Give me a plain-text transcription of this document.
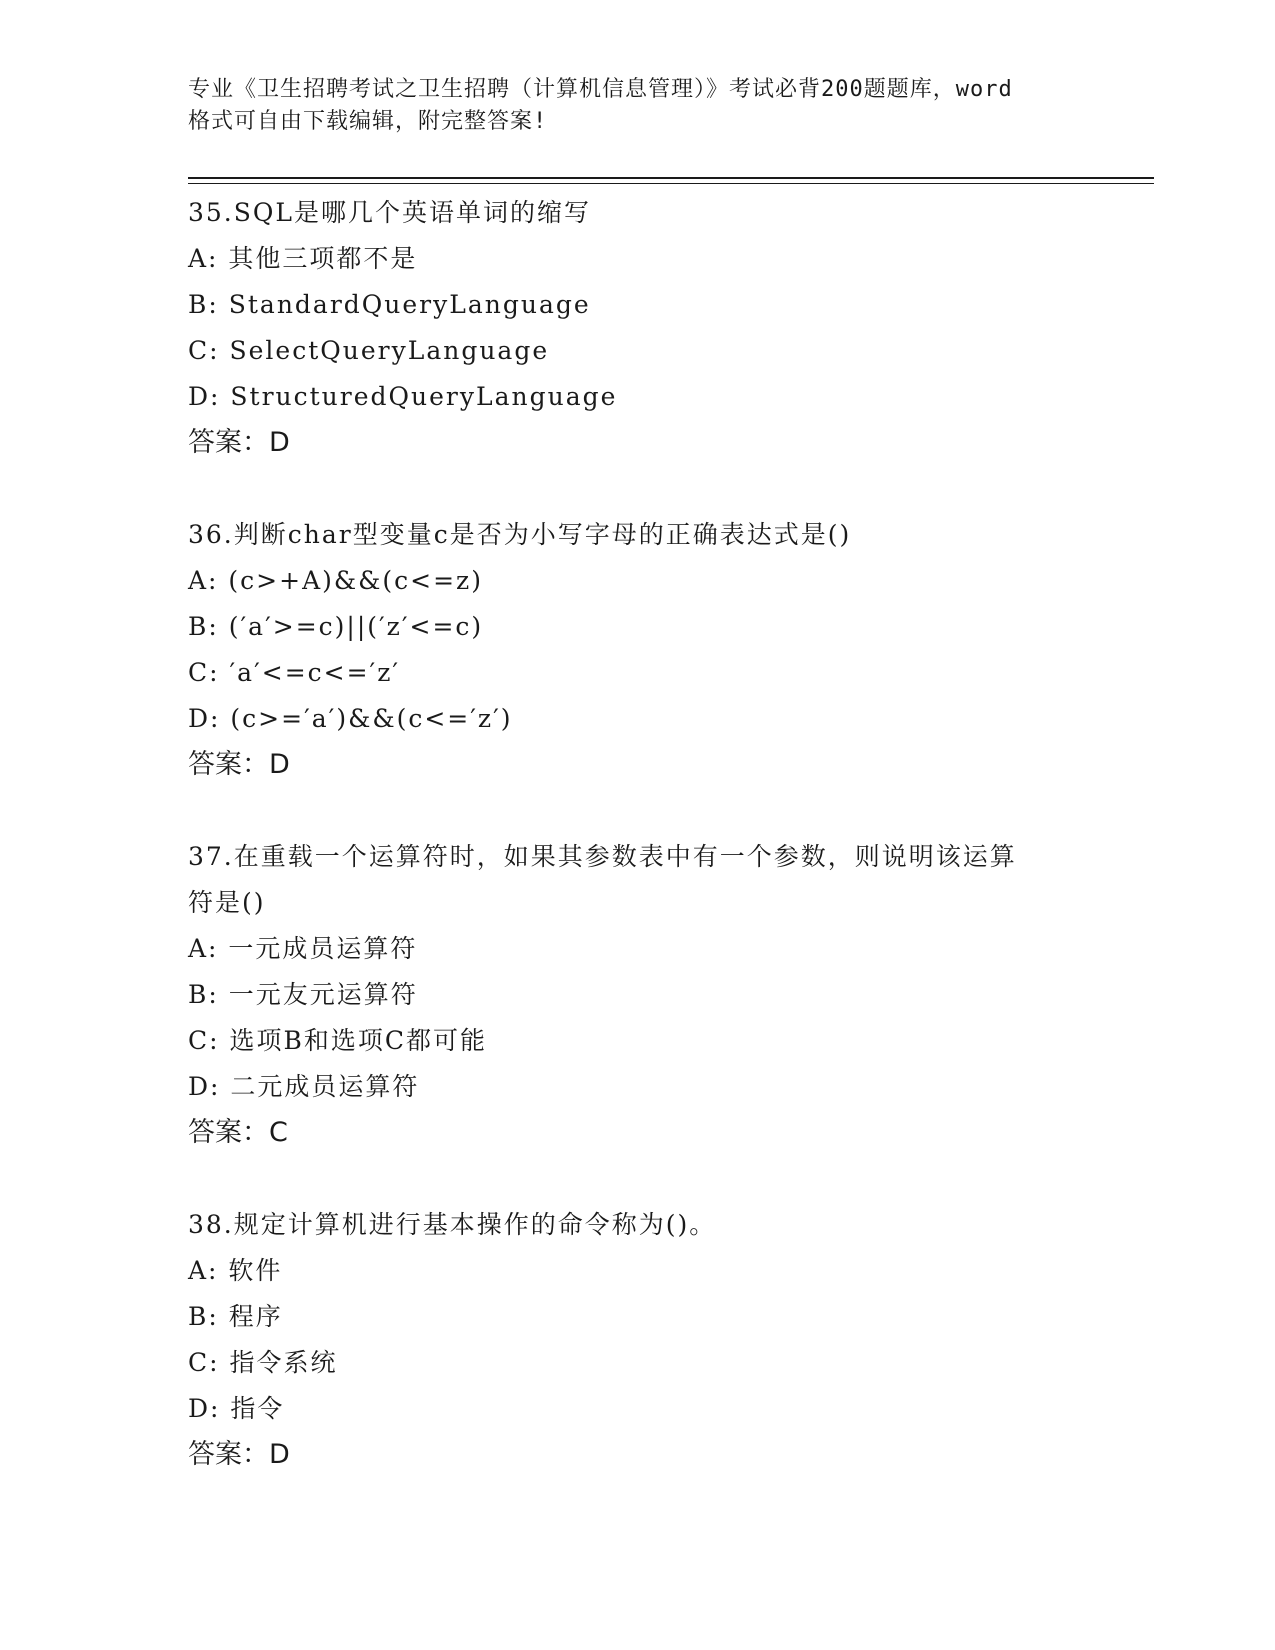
专业《卫生招聘考试之卫生招聘（计算机信息管理）》考试必背200题题库，word
格式可自由下载编辑，附完整答案!
35.SQL是哪几个英语单词的缩写
A: 其他三项都不是
B: StandardQueryLanguage
C: SelectQueryLanguage
D: StructuredQueryLanguage
答案：D
36.判断char型变量c是否为小写字母的正确表达式是()
A: (c>+A)&&(c<=z)
B: (′a′>=c)||(′z′<=c)
C: ′a′<=c<=′z′
D: (c>=′a′)&&(c<=′z′)
答案：D
37.在重载一个运算符时，如果其参数表中有一个参数，则说明该运算
符是()
A: 一元成员运算符
B: 一元友元运算符
C: 选项B和选项C都可能
D: 二元成员运算符
答案：C
38.规定计算机进行基本操作的命令称为()。
A: 软件
B: 程序
C: 指令系统
D: 指令
答案：D
